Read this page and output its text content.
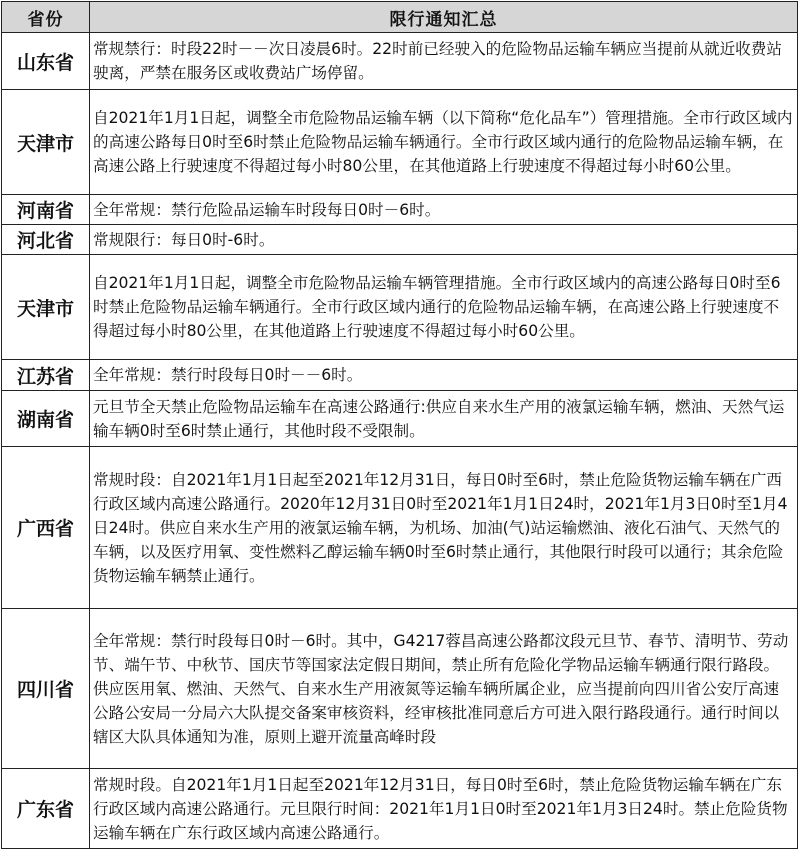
省份	限行通知汇总
山东省	常规禁行：时段22时－－次日凌晨6时。22时前已经驶入的危险物品运输车辆应当提前从就近收费站驶离，严禁在服务区或收费站广场停留。
天津市	自2021年1月1日起，调整全市危险物品运输车辆（以下简称“危化品车”）管理措施。全市行政区域内的高速公路每日0时至6时禁止危险物品运输车辆通行。全市行政区域内通行的危险物品运输车辆，在高速公路上行驶速度不得超过每小时80公里，在其他道路上行驶速度不得超过每小时60公里。
河南省	全年常规：禁行危险品运输车时段每日0时－6时。
河北省	常规限行：每日0时-6时。
天津市	自2021年1月1日起，调整全市危险物品运输车辆管理措施。全市行政区域内的高速公路每日0时至6时禁止危险物品运输车辆通行。全市行政区域内通行的危险物品运输车辆，在高速公路上行驶速度不得超过每小时80公里，在其他道路上行驶速度不得超过每小时60公里。
江苏省	全年常规：禁行时段每日0时－－6时。
湖南省	元旦节全天禁止危险物品运输车在高速公路通行:供应自来水生产用的液氯运输车辆，燃油、天然气运输车辆0时至6时禁止通行，其他时段不受限制。
广西省	常规时段：自2021年1月1日起至2021年12月31日，每日0时至6时，禁止危险货物运输车辆在广西行政区域内高速公路通行。2020年12月31日0时至2021年1月1日24时，2021年1月3日0时至1月4日24时。供应自来水生产用的液氯运输车辆，为机场、加油(气)站运输燃油、液化石油气、天然气的车辆，以及医疗用氧、变性燃料乙醇运输车辆0时至6时禁止通行，其他限行时段可以通行；其余危险货物运输车辆禁止通行。
四川省	全年常规：禁行时段每日0时－6时。其中，G4217蓉昌高速公路都汶段元旦节、春节、清明节、劳动节、端午节、中秋节、国庆节等国家法定假日期间，禁止所有危险化学物品运输车辆通行限行路段。供应医用氧、燃油、天然气、自来水生产用液氮等运输车辆所属企业，应当提前向四川省公安厅高速公路公安局一分局六大队提交备案审核资料，经审核批准同意后方可进入限行路段通行。通行时间以辖区大队具体通知为准，原则上避开流量高峰时段
广东省	常规时段。自2021年1月1日起至2021年12月31日，每日0时至6时，禁止危险货物运输车辆在广东行政区域内高速公路通行。元旦限行时间：2021年1月1日0时至2021年1月3日24时。禁止危险货物运输车辆在广东行政区域内高速公路通行。
